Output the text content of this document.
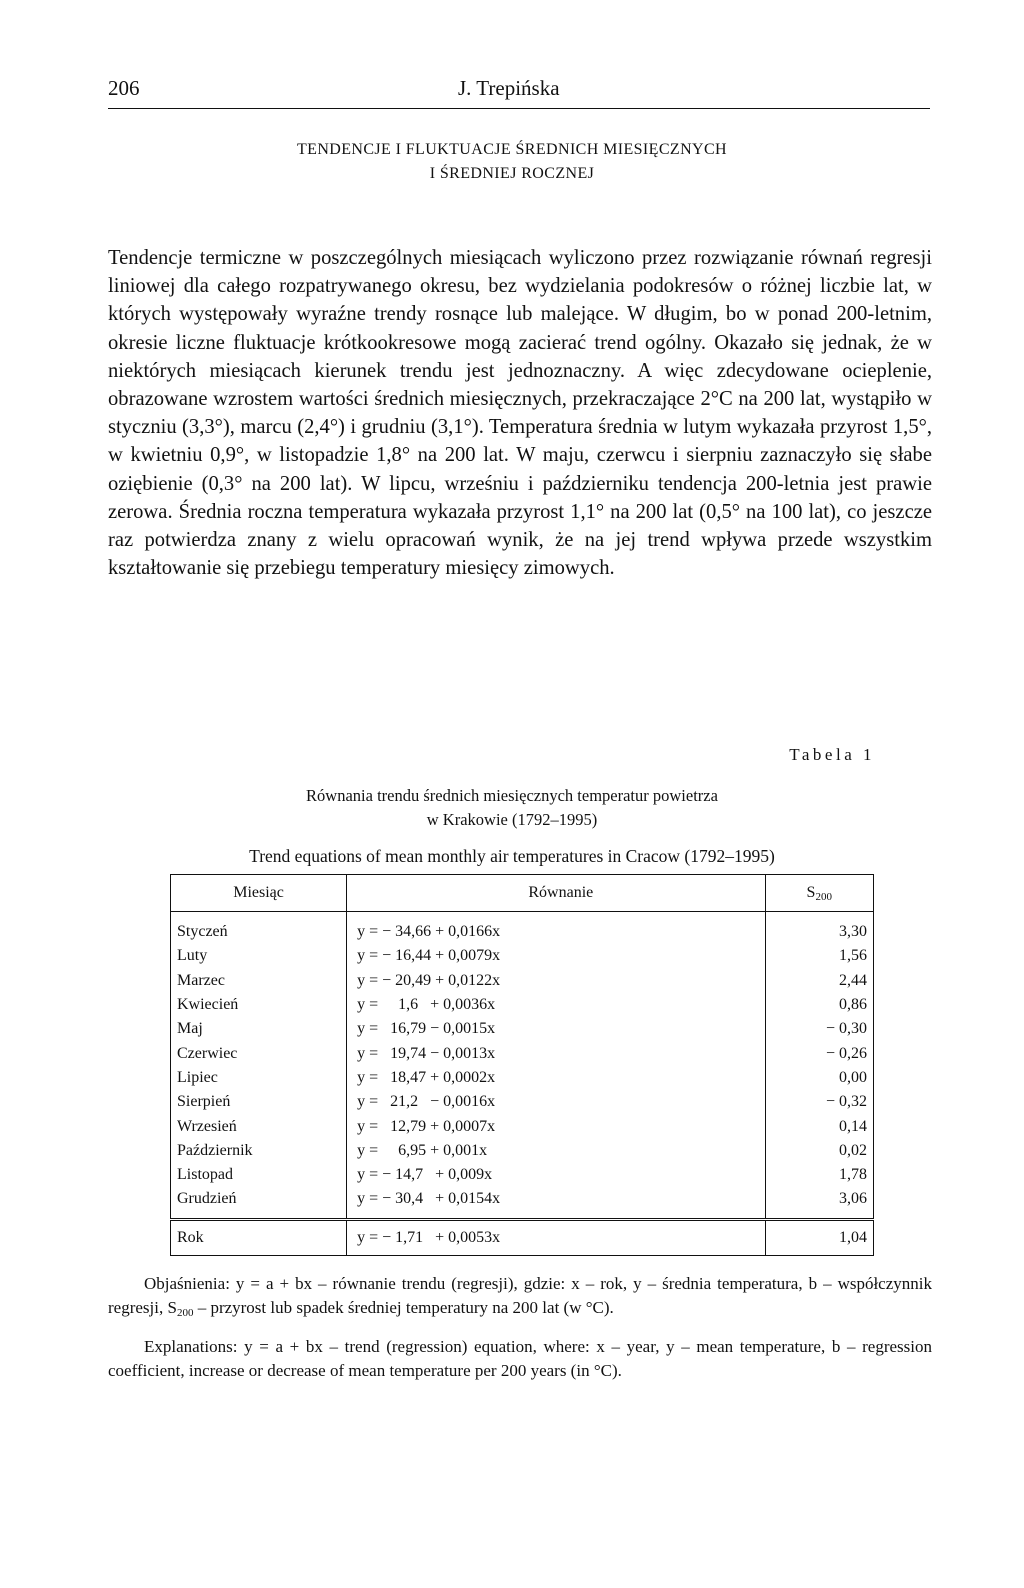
206	J. Trepińska
TENDENCJE I FLUKTUACJE ŚREDNICH MIESIĘCZNYCH
I ŚREDNIEJ ROCZNEJ

Tendencje termiczne w poszczególnych miesiącach wyliczono przez rozwiązanie równań regresji liniowej dla całego rozpatrywanego okresu, bez wydzielania podokresów o różnej liczbie lat, w których występowały wyraźne trendy rosnące lub malejące. W długim, bo w ponad 200-letnim, okresie liczne fluktuacje krótkookresowe mogą zacierać trend ogólny. Okazało się jednak, że w niektórych miesiącach kierunek trendu jest jednoznaczny. A więc zdecydowane ocieplenie, obrazowane wzrostem wartości średnich miesięcznych, przekraczające 2°C na 200 lat, wystąpiło w styczniu (3,3°), marcu (2,4°) i grudniu (3,1°). Temperatura średnia w lutym wykazała przyrost 1,5°, w kwietniu 0,9°, w listopadzie 1,8° na 200 lat. W maju, czerwcu i sierpniu zaznaczyło się słabe oziębienie (0,3° na 200 lat). W lipcu, wrześniu i październiku tendencja 200-letnia jest prawie zerowa. Średnia roczna temperatura wykazała przyrost 1,1° na 200 lat (0,5° na 100 lat), co jeszcze raz potwierdza znany z wielu opracowań wynik, że na jej trend wpływa przede wszystkim kształtowanie się przebiegu temperatury miesięcy zimowych.

Tabela 1
Równania trendu średnich miesięcznych temperatur powietrza
w Krakowie (1792–1995)
Trend equations of mean monthly air temperatures in Cracow (1792–1995)
Miesiąc	Równanie	$S_{200}$
Styczeń	y = − 34,66 + 0,0166x	3,30
Luty	y = − 16,44 + 0,0079x	1,56
Marzec	y = − 20,49 + 0,0122x	2,44
Kwiecień	y =     1,6   + 0,0036x	0,86
Maj	y =   16,79 − 0,0015x	− 0,30
Czerwiec	y =   19,74 − 0,0013x	− 0,26
Lipiec	y =   18,47 + 0,0002x	0,00
Sierpień	y =   21,2   − 0,0016x	− 0,32
Wrzesień	y =   12,79 + 0,0007x	0,14
Październik	y =     6,95 + 0,001x	0,02
Listopad	y = − 14,7   + 0,009x	1,78
Grudzień	y = − 30,4   + 0,0154x	3,06
Rok	y = − 1,71   + 0,0053x	1,04

Objaśnienia: y = a + bx – równanie trendu (regresji), gdzie: x – rok, y – średnia temperatura, b – współczynnik regresji, $S_{200}$ – przyrost lub spadek średniej temperatury na 200 lat (w °C).

Explanations: y = a + bx – trend (regression) equation, where: x – year, y – mean temperature, b – regression coefficient, increase or decrease of mean temperature per 200 years (in °C).
